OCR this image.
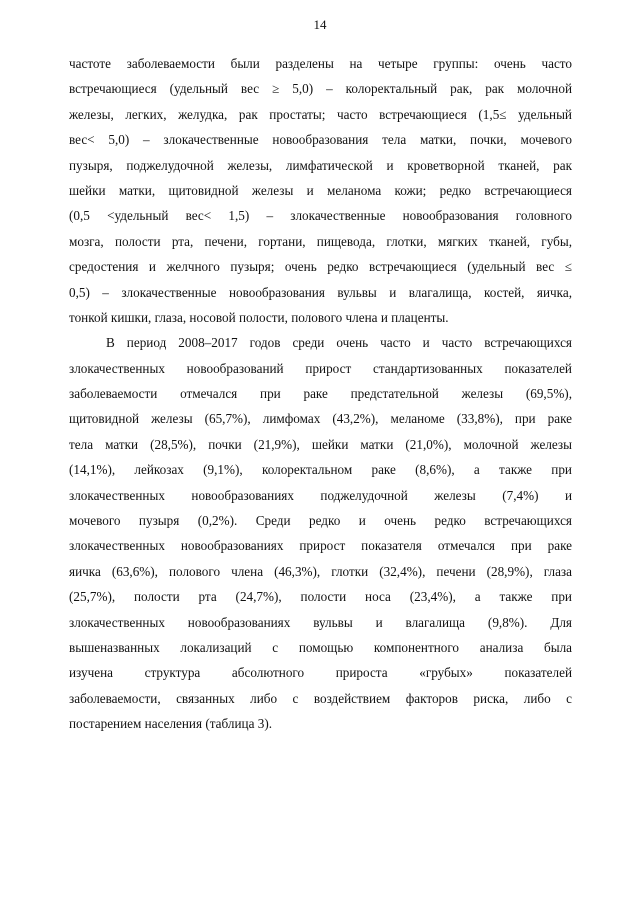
14
частоте заболеваемости были разделены на четыре группы: очень часто
встречающиеся (удельный вес ≥ 5,0) – колоректальный рак, рак молочной
железы, легких, желудка, рак простаты; часто встречающиеся (1,5≤ удельный
вес< 5,0) – злокачественные новообразования тела матки, почки, мочевого
пузыря, поджелудочной железы, лимфатической и кроветворной тканей, рак
шейки матки, щитовидной железы и меланома кожи; редко встречающиеся
(0,5 <удельный вес< 1,5) – злокачественные новообразования головного
мозга, полости рта, печени, гортани, пищевода, глотки, мягких тканей, губы,
средостения и желчного пузыря; очень редко встречающиеся (удельный вес ≤
0,5) – злокачественные новообразования вульвы и влагалища, костей, яичка,
тонкой кишки, глаза, носовой полости, полового члена и плаценты.
В период 2008–2017 годов среди очень часто и часто встречающихся
злокачественных новообразований прирост стандартизованных показателей
заболеваемости отмечался при раке предстательной железы (69,5%),
щитовидной железы (65,7%), лимфомах (43,2%), меланоме (33,8%), при раке
тела матки (28,5%), почки (21,9%), шейки матки (21,0%), молочной железы
(14,1%), лейкозах (9,1%), колоректальном раке (8,6%), а также при
злокачественных новообразованиях поджелудочной железы (7,4%) и
мочевого пузыря (0,2%). Среди редко и очень редко встречающихся
злокачественных новообразованиях прирост показателя отмечался при раке
яичка (63,6%), полового члена (46,3%), глотки (32,4%), печени (28,9%), глаза
(25,7%), полости рта (24,7%), полости носа (23,4%), а также при
злокачественных новообразованиях вульвы и влагалища (9,8%). Для
вышеназванных локализаций с помощью компонентного анализа была
изучена структура абсолютного прироста «грубых» показателей
заболеваемости, связанных либо с воздействием факторов риска, либо с
постарением населения (таблица 3).
